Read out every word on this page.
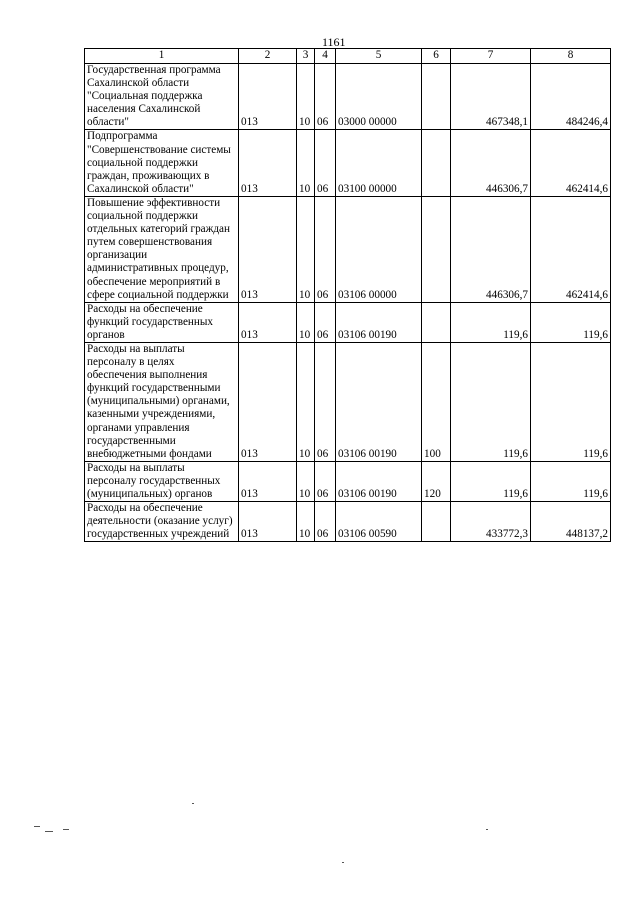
1161
1	2	3	4	5	6	7	8
Государственная программа Сахалинской области "Социальная поддержка населения Сахалинской области"	013	10	06	03000 00000		467348,1	484246,4
Подпрограмма "Совершенствование системы социальной поддержки граждан, проживающих в Сахалинской области"	013	10	06	03100 00000		446306,7	462414,6
Повышение эффективности социальной поддержки отдельных категорий граждан путем совершенствования организации административных процедур, обеспечение мероприятий в сфере социальной поддержки	013	10	06	03106 00000		446306,7	462414,6
Расходы на обеспечение функций государственных органов	013	10	06	03106 00190		119,6	119,6
Расходы на выплаты персоналу в целях обеспечения выполнения функций государственными (муниципальными) органами, казенными учреждениями, органами управления государственными внебюджетными фондами	013	10	06	03106 00190	100	119,6	119,6
Расходы на выплаты персоналу государственных (муниципальных) органов	013	10	06	03106 00190	120	119,6	119,6
Расходы на обеспечение деятельности (оказание услуг) государственных учреждений	013	10	06	03106 00590		433772,3	448137,2
